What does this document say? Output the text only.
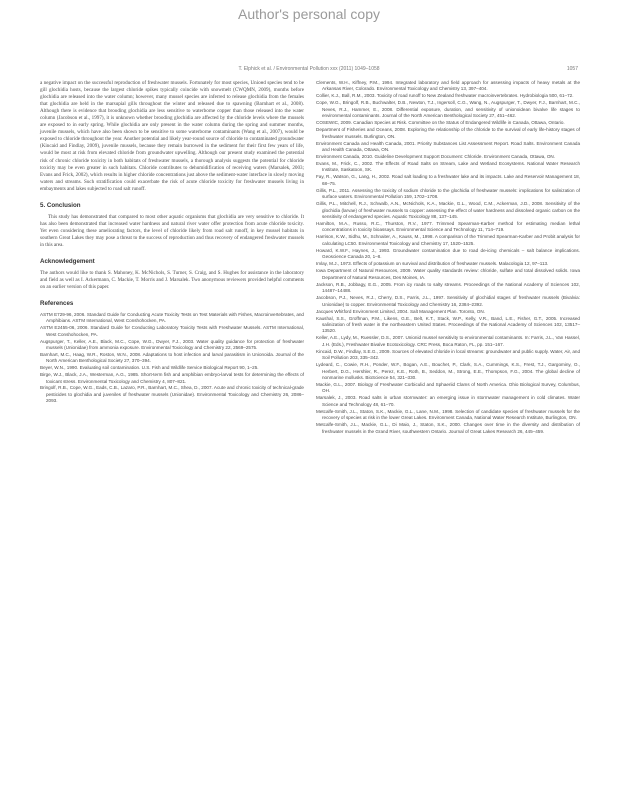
Author's personal copy
T. Elphick et al. / Environmental Pollution xxx (2011) 1049–1058	1057

a negative impact on the successful reproduction of freshwater mussels. Fortunately for most species, Unioнd species tend to be gill glochidia hosts, because the largest chloride spikes typically coincide with snowmelt (CWQMN, 2009), months before glochidia are released into the water column; however, many mussel species are inferred to release glochidia from the females that glochidia are held in the marsupial gills throughout the winter and released due to spawning (Barnhart et al., 2008). Although there is evidence that brooding glochidia are less sensitive to waterborne copper than those released into the water column (Jacobson et al., 1997), it is unknown whether brooding glochidia are affected by the chloride levels where the mussels are exposed to in early spring. While glochidia are only present in the water column during the spring and summer months, juvenile mussels, which have also been shown to be sensitive to some waterborne contaminants (Wang et al., 2007), would be exposed to chloride throughout the year. Another potential and likely year-round source of chloride to contaminated groundwater (Kincaid and Findlay, 2009), juvenile mussels, because they remain burrowed in the sediment for their first few years of life, would be most at risk from elevated chloride from groundwater upwelling. Although our present study examined the potential risk of chronic chloride toxicity in both habitats of freshwater mussels, a thorough analysis suggests the potential for chloride toxicity may be even greater in such habitats. Chloride contributes to dehumidification of receiving waters (Marsalek, 2003; Evans and Frick, 2002), which results in higher chloride concentrations just above the sediment-water interface in slowly moving waters and streams. Such stratification could exacerbate the risk of acute chloride toxicity for freshwater mussels living in embayments and lakes subjected to road salt runoff.

5. Conclusion

This study has demonstrated that compared to most other aquatic organisms that glochidia are very sensitive to chloride. It has also been demonstrated that increased water hardness and natural river water offer protection from acute chloride toxicity. Yet even considering these ameliorating factors, the level of chloride likely from road salt runoff, in key mussel habitats in southern Great Lakes they may pose a threat to the success of reproduction and thus recovery of endangered freshwater mussels in this area.

Acknowledgement

The authors would like to thank S. Mahoney, K. McNichols, S. Turner, S. Craig, and S. Hughes for assistance in the laboratory and field as well as I. Ackermann, C. Mackie, T. Morris and J. Marsalek. Two anonymous reviewers provided helpful comments on an earlier version of this paper.

References
ASTM E729-96, 2006. Standard Guide for Conducting Acute Toxicity Tests on Test Materials with Fishes, Macroinvertebrates, and Amphibians. ASTM International, West Conshohocken, PA.
ASTM E2455-06, 2006. Standard Guide for Conducting Laboratory Toxicity Tests with Freshwater Mussels. ASTM International, West Conshohocken, PA.
Augspurger, T., Keller, A.E., Black, M.C., Cope, W.G., Dwyer, F.J., 2003. Water quality guidance for protection of freshwater mussels (Unionidae) from ammonia exposure. Environmental Toxicology and Chemistry 22, 2569–2575.
Barnhart, M.C., Haag, W.R., Roston, W.N., 2008. Adaptations to host infection and larval parasitism in Unionoida. Journal of the North American Benthological Society 27, 370–394.
Beyer, W.N., 1990. Evaluating soil contamination. U.S. Fish and Wildlife Service Biological Report 90, 1–25.
Birge, W.J., Black, J.A., Westerman, A.G., 1985. Short-term fish and amphibian embryo-larval tests for determining the effects of toxicant stress. Environmental Toxicology and Chemistry 4, 807–821.
Bringolf, R.B., Cope, W.G., Eads, C.B., Lazaro, P.R., Barnhart, M.C., Shea, D., 2007. Acute and chronic toxicity of technical-grade pesticides to glochidia and juveniles of freshwater mussels (Unionidae). Environmental Toxicology and Chemistry 26, 2086–2093.
Clements, W.H., Kiffney, P.M., 1994. Integrated laboratory and field approach for assessing impacts of heavy metals at the Arkansas River, Colorado. Environmental Toxicology and Chemistry 13, 397–404.
Collier, K.J., Ball, R.M., 2003. Toxicity of road runoff to New Zealand freshwater macroinvertebrates. Hydrobiologia 500, 61–72.
Cope, W.G., Bringolf, R.B., Buchwalter, D.B., Newton, T.J., Ingersoll, C.G., Wang, N., Augspurger, T., Dwyer, F.J., Barnhart, M.C., Neves, R.J., Hammer, E., 2008. Differential exposure, duration, and sensitivity of unionoidean bivalve life stages to environmental contaminants. Journal of the North American Benthological Society 27, 451–462.
COSEWIC, 2009. Canadian Species at Risk. Committee on the Status of Endangered Wildlife in Canada, Ottawa, Ontario.
Department of Fisheries and Oceans, 2008. Exploring the relationship of the chloride to the survival of early life-history stages of freshwater mussels. Burlington, ON.
Environment Canada and Health Canada, 2001. Priority Substances List Assessment Report. Road Salts. Environment Canada and Health Canada, Ottawa, ON.
Environment Canada, 2010. Guideline Development Support Document: Chloride. Environment Canada, Ottawa, ON.
Evans, M., Frick, C., 2002. The Effects of Road Salts on Stream, Lake and Wetland Ecosystems. National Water Research Institute, Saskatoon, SK.
Fay, R., Watson, G., Lang, H., 2002. Road salt loading to a freshwater lake and its impacts. Lake and Reservoir Management 18, 68–75.
Gillis, P.L., 2011. Assessing the toxicity of sodium chloride to the glochidia of freshwater mussels: implications for salinization of surface waters. Environmental Pollution 159, 1702–1708.
Gillis, P.L., Mitchell, R.J., Schwalb, A.N., McNichols, K.A., Mackie, G.L., Wood, C.M., Ackerman, J.D., 2008. Sensitivity of the glochidia (larvae) of freshwater mussels to copper: assessing the effect of water hardness and dissolved organic carbon on the sensitivity of endangered species. Aquatic Toxicology 88, 137–145.
Hamilton, M.A., Russo, R.C., Thurston, R.V., 1977. Trimmed Spearman-Karber method for estimating median lethal concentrations in toxicity bioassays. Environmental Science and Technology 11, 714–719.
Harrison, K.W., Sidhu, M., Schnaiter, A., Kauss, M., 1998. A comparison of the Trimmed Spearman-Karber and Probit analysis for calculating LC50. Environmental Toxicology and Chemistry 17, 1520–1525.
Howard, K.W.F., Haynes, J., 1993. Groundwater contamination due to road de-icing chemicals – salt balance implications. Geoscience Canada 20, 1–8.
Imlay, M.J., 1973. Effects of potassium on survival and distribution of freshwater mussels. Malacologia 12, 97–113.
Iowa Department of Natural Resources, 2009. Water quality standards review: chloride, sulfate and total dissolved solids. Iowa Department of Natural Resources, Des Moines, IA.
Jackson, R.B., Jobbagy, E.G., 2005. From icy roads to salty streams. Proceedings of the National Academy of Sciences 102, 14487–14488.
Jacobson, P.J., Neves, R.J., Cherry, D.S., Farris, J.L., 1997. Sensitivity of glochidial stages of freshwater mussels (Bivalvia: Unionidae) to copper. Environmental Toxicology and Chemistry 16, 2384–2392.
Jacques Whitford Environment Limited, 2004. Salt Management Plan. Toronto, ON.
Kaushal, S.S., Groffman, P.M., Likens, G.E., Belt, K.T., Stack, W.P., Kelly, V.R., Band, L.E., Fisher, G.T., 2005. Increased salinization of fresh water in the northeastern United States. Proceedings of the National Academy of Sciences 102, 13517–13520.
Keller, A.E., Lydy, M., Ruessler, D.S., 2007. Unionid mussel sensitivity to environmental contaminants. In: Farris, J.L., Van Hassel, J.H. (Eds.), Freshwater Bivalve Ecotoxicology. CRC Press, Boca Raton, FL, pp. 151–167.
Kincaid, D.W., Findlay, S.E.G., 2009. Sources of elevated chloride in local streams: groundwater and public supply. Water, Air, and Soil Pollution 203, 335–342.
Lydeard, C., Cowie, R.H., Ponder, W.F., Bogan, A.E., Bouchet, P., Clark, S.A., Cummings, K.S., Frest, T.J., Gargominy, O., Herbert, D.G., Hershler, R., Perez, K.E., Roth, B., Seddon, M., Strong, E.E., Thompson, F.G., 2004. The global decline of nonmarine mollusks. BioScience 54, 321–330.
Mackie, G.L., 2007. Biology of Freshwater Corbiculid and Sphaeriid Clams of North America. Ohio Biological Survey, Columbus, OH.
Marsalek, J., 2003. Road salts in urban stormwater: an emerging issue in stormwater management in cold climates. Water Science and Technology 48, 61–70.
Metcalfe-Smith, J.L., Staton, S.K., Mackie, G.L., Lane, N.M., 1998. Selection of candidate species of freshwater mussels for the recovery of species at risk in the lower Great Lakes. Environment Canada, National Water Research Institute, Burlington, ON.
Metcalfe-Smith, J.L., Mackie, G.L., Di Maio, J., Staton, S.K., 2000. Changes over time in the diversity and distribution of freshwater mussels in the Grand River, southwestern Ontario. Journal of Great Lakes Research 26, 445–459.
